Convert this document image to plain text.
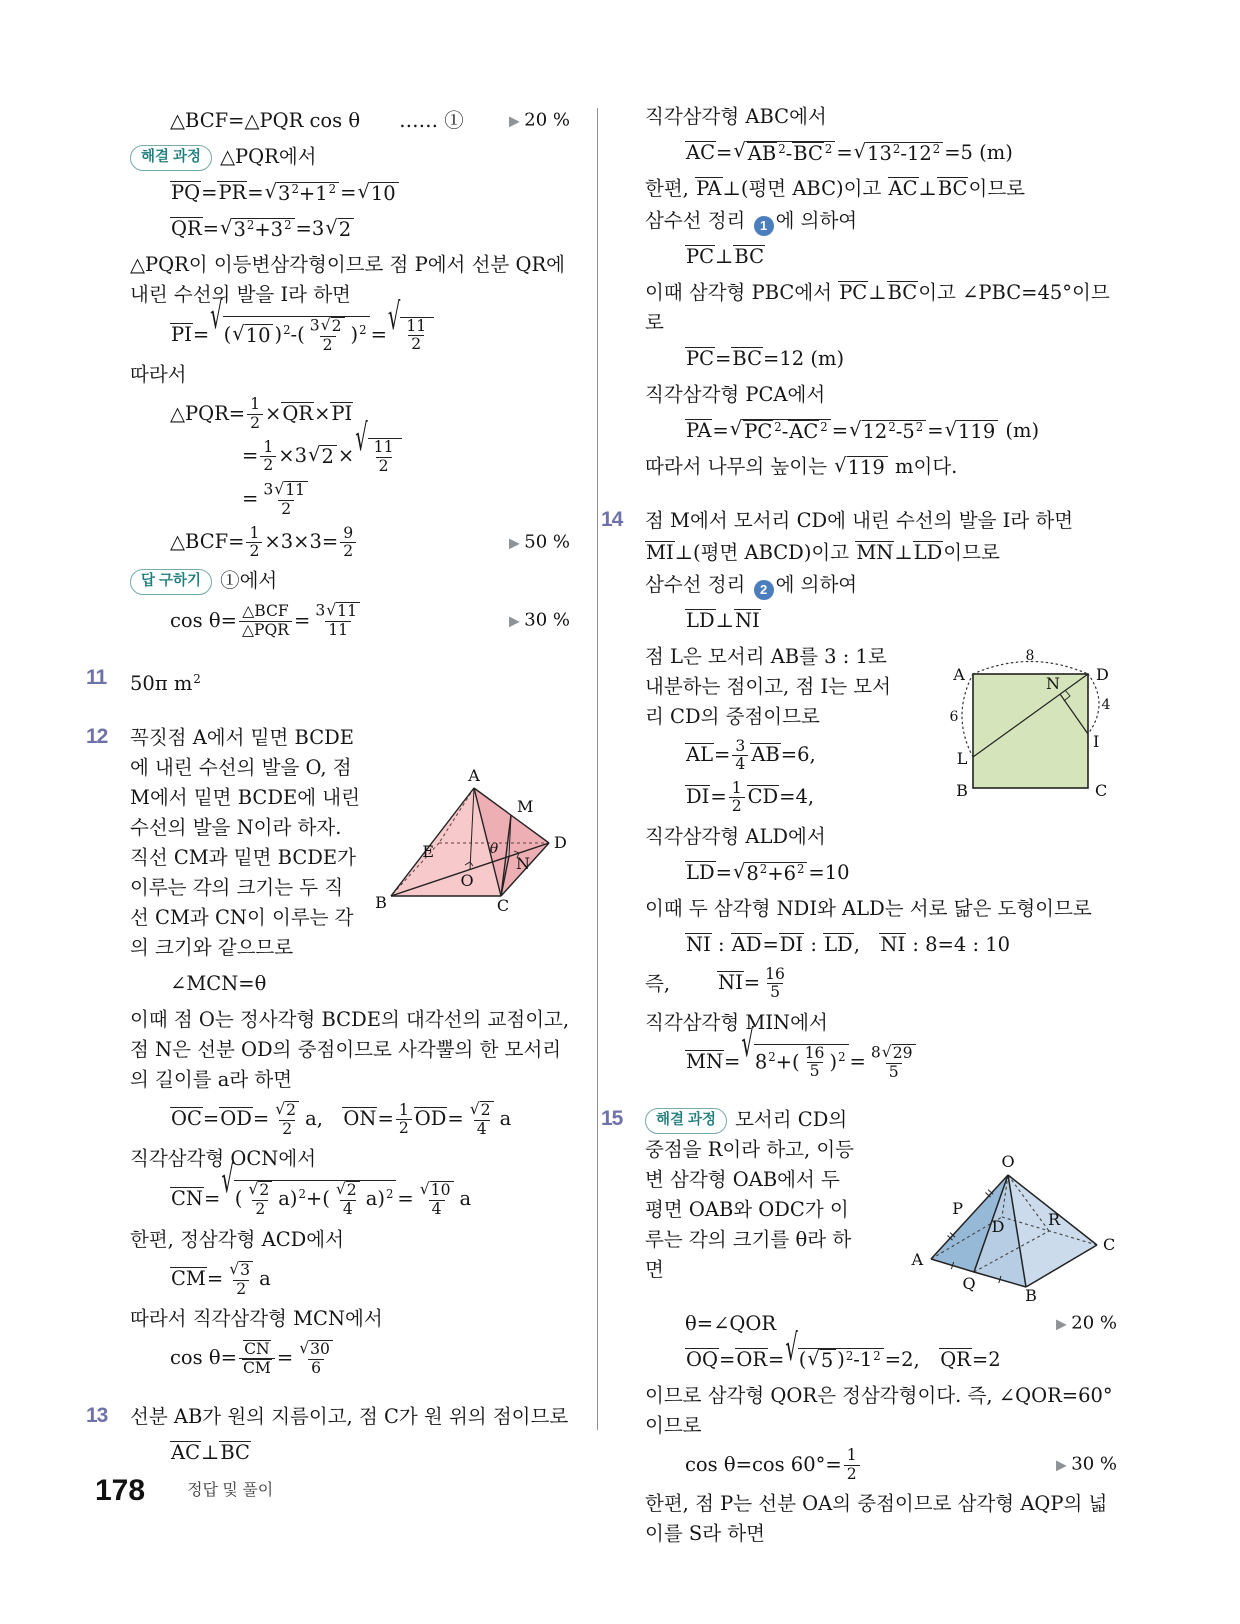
△BCF=△PQR cos θ　　…… ①	▶ 20 %
해결 과정 △PQR에서
PQ=PR= √ $3^2+1^2$ = √ 10
QR= √ $3^2+3^2 =3$ √ 2
△PQR이 이등변삼각형이므로 점 P에서 선분 QR에 내린 수선의 발을 I라 하면
PI= √ ( √ 10 )$^2-( \frac{3 √ 2}{2} )^2$ = √ $\frac{11}{2}$
따라서
△PQR= $\frac{1}{2} \times QR\times PI$
= $\frac{1}{2} \times 3$ √ 2 × √ $\frac{11}{2}$
= $\frac{3 √ 11}{2}$
△BCF= $\frac{1}{2} \times 3\times 3= \frac{9}{2}$	▶ 50 %
답 구하기 ①에서
$\cos \theta= \frac{\text{△BCF}}{\text{△PQR}} = \frac{3 √ 11}{11}$	▶ 30 %
11 50π $m^2$
12
A
M
D
N
E
O
B	C
θ
꼭짓점 A에서 밑면 BCDE에 내린 수선의 발을 O, 점 M에서 밑면 BCDE에 내린 수선의 발을 N이라 하자. 직선 CM과 밑면 BCDE가 이루는 각의 크기는 두 직선 CM과 CN이 이루는 각의 크기와 같으므로
∠MCN=θ
이때 점 O는 정사각형 BCDE의 대각선의 교점이고, 점 N은 선분 OD의 중점이므로 사각뿔의 한 모서리의 길이를 a라 하면
$OC=OD= \frac{√ 2}{2} a$,　$ON= \frac{1}{2} OD= \frac{√ 2}{4}$ a
직각삼각형 OCN에서
CN= √ ( $\frac{√ 2}{2} a)^2+( \frac{√ 2}{4} a)^2 = \frac{√ 10}{4}$ a
한편, 정삼각형 ACD에서
$CM= \frac{√ 3}{2}$ a
따라서 직각삼각형 MCN에서
$\cos \theta= \frac{CN}{CM} = \frac{√ 30}{6}$
13 선분 AB가 원의 지름이고, 점 C가 원 위의 점이므로
AC⊥BC
직각삼각형 ABC에서
AC= √ AB $^2$-BC $^2$ = √ $13^2-12^2 =5$ (m)
한편, PA⊥(평면 ABC)이고 AC⊥BC이므로
삼수선 정리 1 에 의하여
PC⊥BC
이때 삼각형 PBC에서 PC⊥BC이고 ∠PBC=45°이므로
PC=BC=12 (m)
직각삼각형 PCA에서
PA= √ PC $^2$-AC $^2$ = √ $12^2-5^2$ = √ 119 (m)
따라서 나무의 높이는 √ 119 m이다.
14 점 M에서 모서리 CD에 내린 수선의 발을 I라 하면
MI⊥(평면 ABCD)이고 MN⊥LD이므로
삼수선 정리 2 에 의하여
LD⊥NI
A	D
N
I
L
B	C
8
6
4
점 L은 모서리 AB를 3 : 1로 내분하는 점이고, 점 I는 모서리 CD의 중점이므로
$AL= \frac{3}{4} AB=6$,
$DI= \frac{1}{2} CD=4$,
직각삼각형 ALD에서
LD= √ $8^2+6^2 =10$
이때 두 삼각형 NDI와 ALD는 서로 닮은 도형이므로
NI : AD=DI : LD,　NI : 8=4 : 10
즉, $NI= \frac{16}{5}$
직각삼각형 MIN에서
MN= √ $8^2+( \frac{16}{5} )^2 = \frac{8 √ 29}{5}$
15
O
P
A
Q
B
C
D	R
해결 과정 모서리 CD의 중점을 R이라 하고, 이등변 삼각형 OAB에서 두 평면 OAB와 ODC가 이루는 각의 크기를 θ라 하면
θ=∠QOR	▶ 20 %
OQ=OR= √ ( √ 5 )$^2-1^2 =2$,　QR=2
이므로 삼각형 QOR은 정삼각형이다. 즉, ∠QOR=60°이므로
cos θ=cos $60^\circ= \frac{1}{2}$	▶ 30 %
한편, 점 P는 선분 OA의 중점이므로 삼각형 AQP의 넓이를 S라 하면
178	정답 및 풀이
